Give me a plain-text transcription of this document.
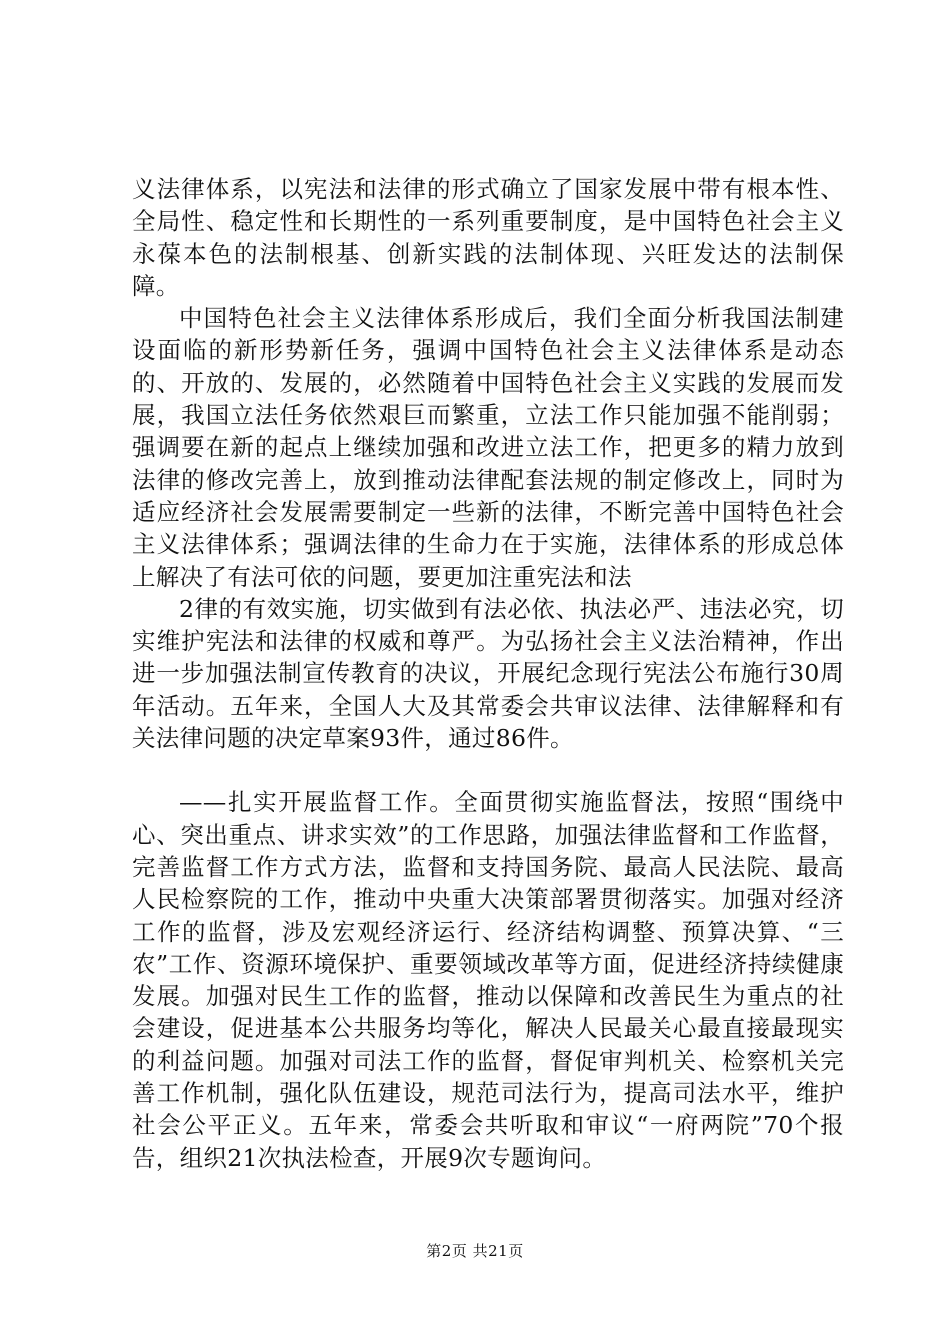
义法律体系，以宪法和法律的形式确立了国家发展中带有根本性、全局性、稳定性和长期性的一系列重要制度，是中国特色社会主义永葆本色的法制根基、创新实践的法制体现、兴旺发达的法制保障。

中国特色社会主义法律体系形成后，我们全面分析我国法制建设面临的新形势新任务，强调中国特色社会主义法律体系是动态的、开放的、发展的，必然随着中国特色社会主义实践的发展而发展，我国立法任务依然艰巨而繁重，立法工作只能加强不能削弱；强调要在新的起点上继续加强和改进立法工作，把更多的精力放到法律的修改完善上，放到推动法律配套法规的制定修改上，同时为适应经济社会发展需要制定一些新的法律，不断完善中国特色社会主义法律体系；强调法律的生命力在于实施，法律体系的形成总体上解决了有法可依的问题，要更加注重宪法和法

2律的有效实施，切实做到有法必依、执法必严、违法必究，切实维护宪法和法律的权威和尊严。为弘扬社会主义法治精神，作出进一步加强法制宣传教育的决议，开展纪念现行宪法公布施行30周年活动。五年来，全国人大及其常委会共审议法律、法律解释和有关法律问题的决定草案93件，通过86件。

——扎实开展监督工作。全面贯彻实施监督法，按照“围绕中心、突出重点、讲求实效”的工作思路，加强法律监督和工作监督，完善监督工作方式方法，监督和支持国务院、最高人民法院、最高人民检察院的工作，推动中央重大决策部署贯彻落实。加强对经济工作的监督，涉及宏观经济运行、经济结构调整、预算决算、“三农”工作、资源环境保护、重要领域改革等方面，促进经济持续健康发展。加强对民生工作的监督，推动以保障和改善民生为重点的社会建设，促进基本公共服务均等化，解决人民最关心最直接最现实的利益问题。加强对司法工作的监督，督促审判机关、检察机关完善工作机制，强化队伍建设，规范司法行为，提高司法水平，维护社会公平正义。五年来，常委会共听取和审议“一府两院”70个报告，组织21次执法检查，开展9次专题询问。

第2页 共21页
